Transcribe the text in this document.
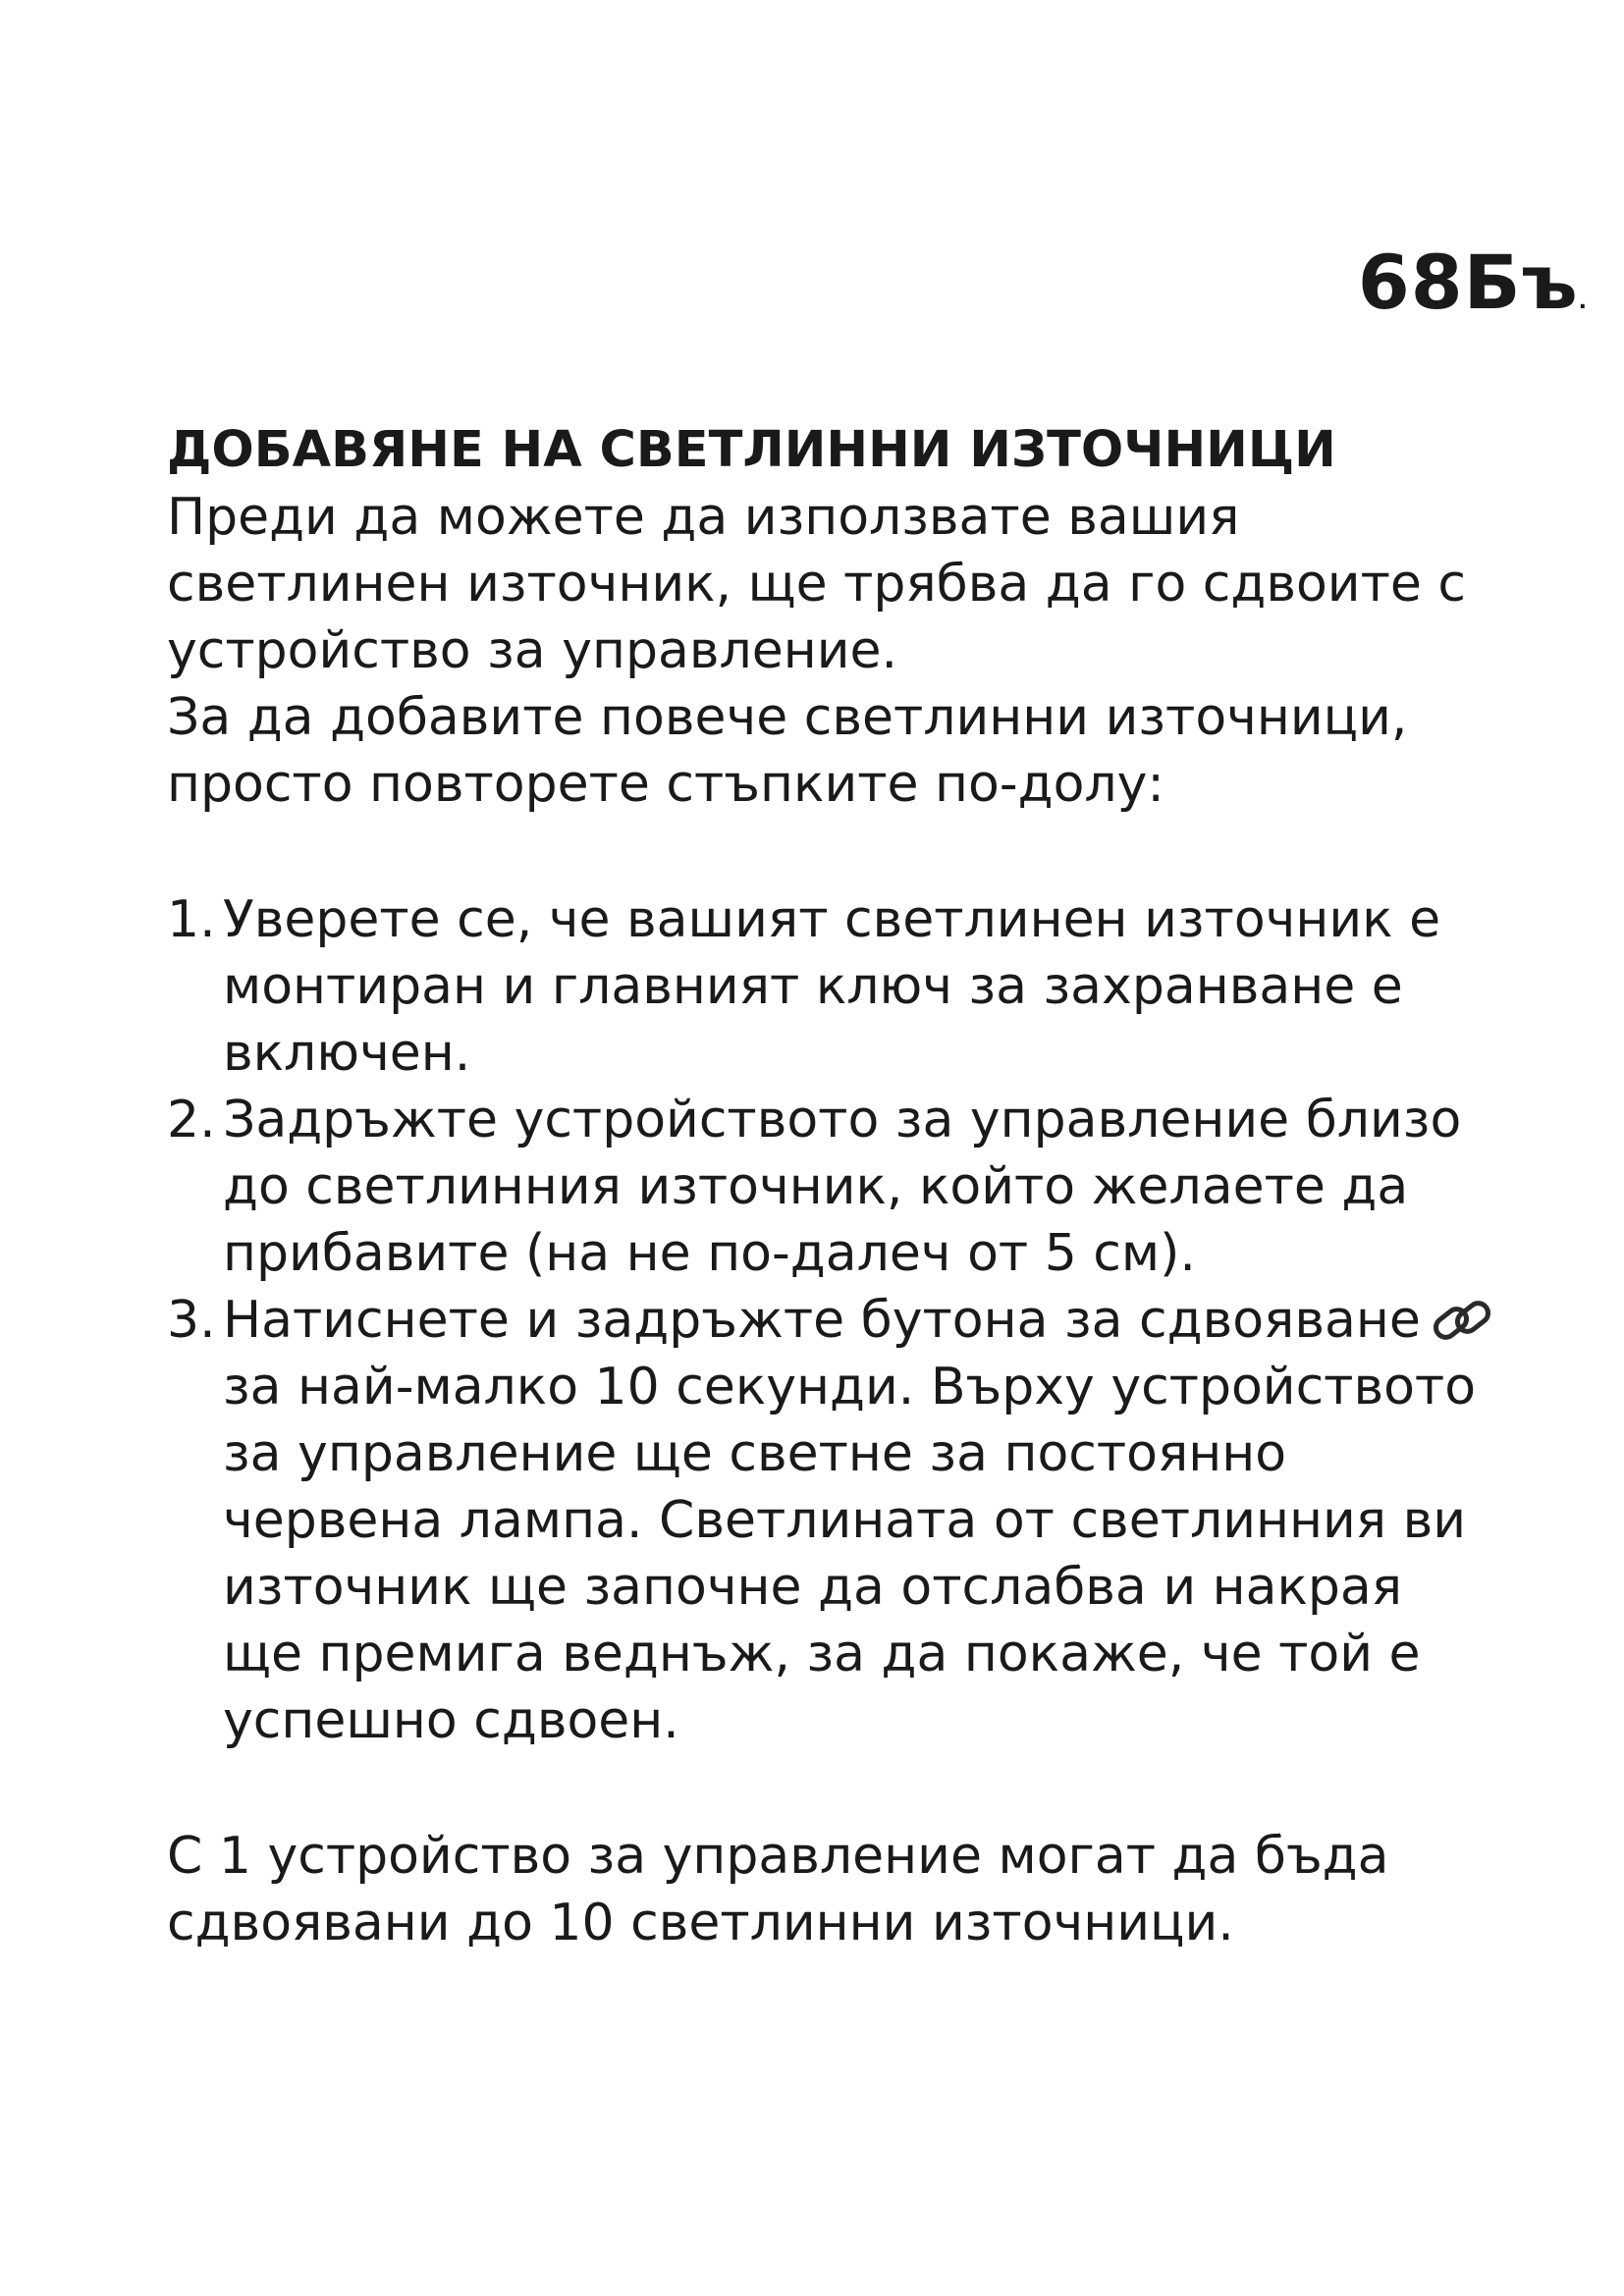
68Бъ.
ДОБАВЯНЕ НА СВЕТЛИННИ ИЗТОЧНИЦИ

Преди да можете да използвате вашия
светлинен източник, ще трябва да го сдвоите с
устройство за управление.
За да добавите повече светлинни източници,
просто повторете стъпките по-долу:

1. Уверете се, че вашият светлинен източник е
монтиран и главният ключ за захранване е
включен.
2. Задръжте устройството за управление близо
до светлинния източник, който желаете да
прибавите (на не по-далеч от 5 см).
3. Натиснете и задръжте бутона за сдвояване
за най-малко 10 секунди. Върху устройството
за управление ще светне за постоянно
червена лампа. Светлината от светлинния ви
източник ще започне да отслабва и накрая
ще премига веднъж, за да покаже, че той е
успешно сдвоен.

С 1 устройство за управление могат да бъда
сдвоявани до 10 светлинни източници.
